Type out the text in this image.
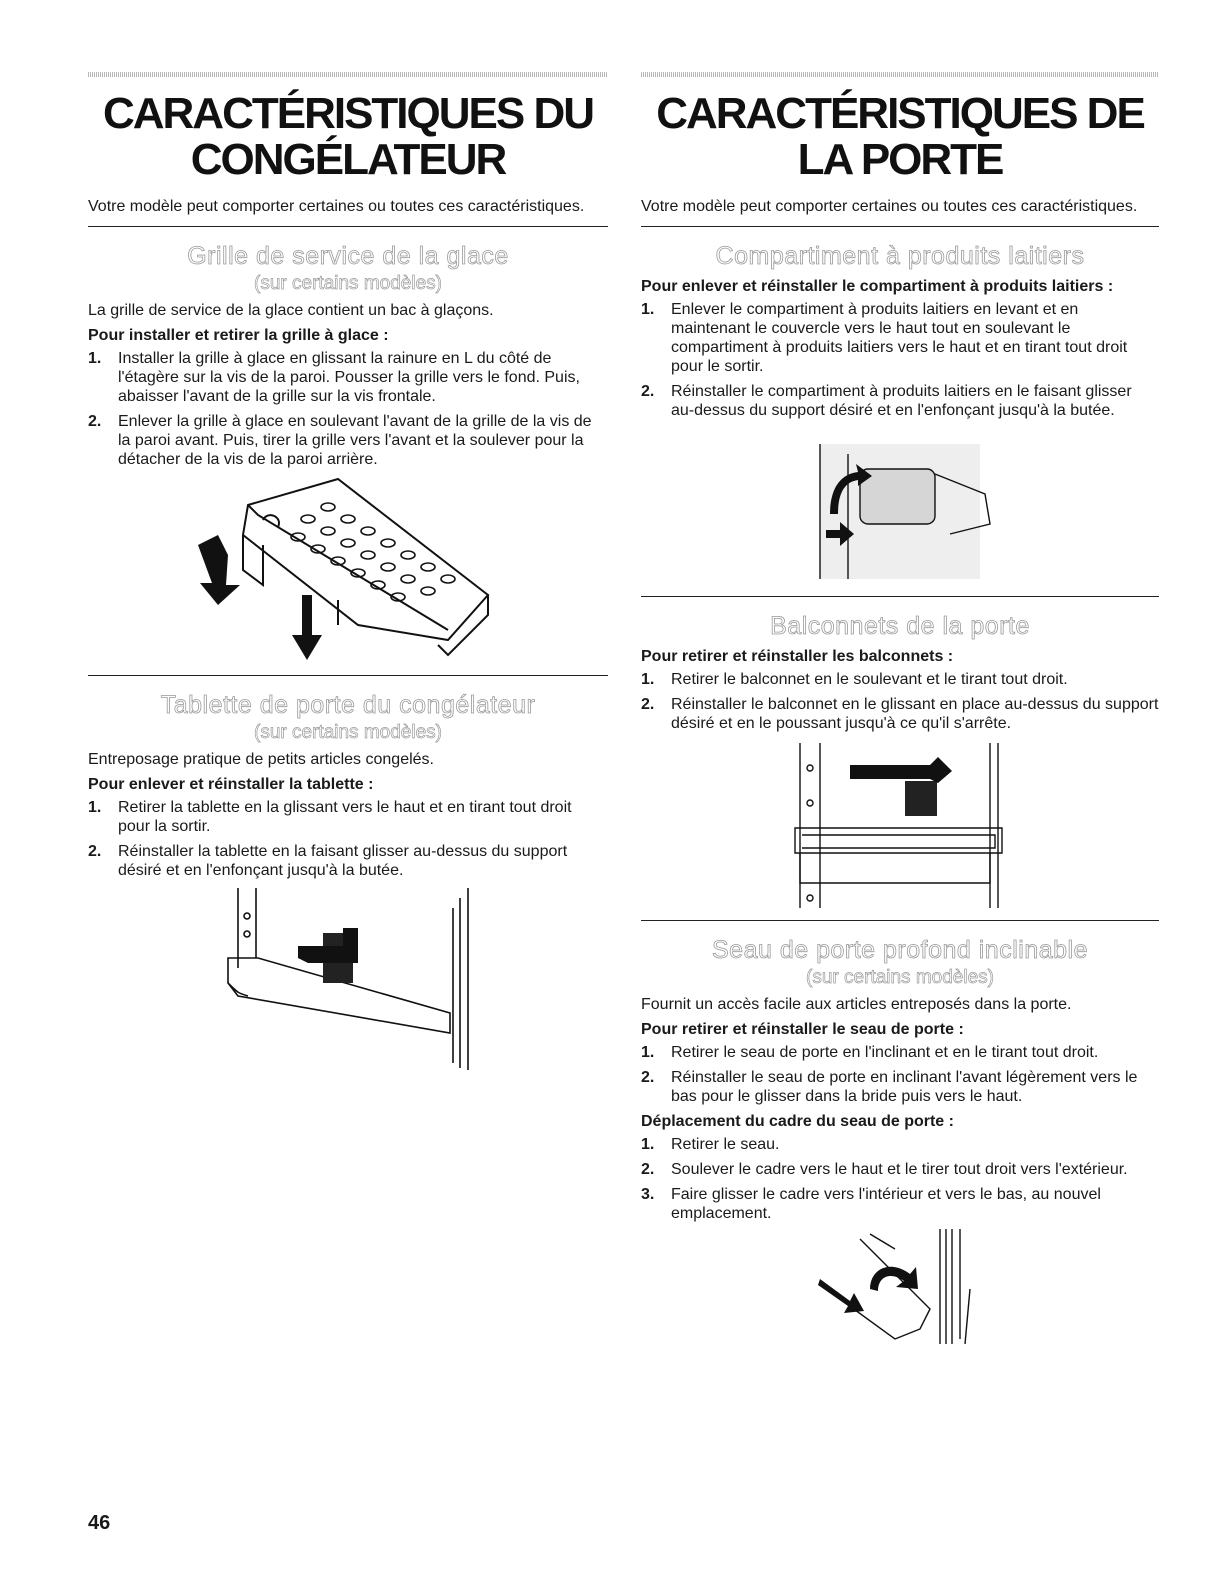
CARACTÉRISTIQUES DU
CONGÉLATEUR

Votre modèle peut comporter certaines ou toutes ces caractéristiques.

Grille de service de la glace
(sur certains modèles)

La grille de service de la glace contient un bac à glaçons.

Pour installer et retirer la grille à glace :

1. Installer la grille à glace en glissant la rainure en L du côté de l'étagère sur la vis de la paroi. Pousser la grille vers le fond. Puis, abaisser l'avant de la grille sur la vis frontale.
2. Enlever la grille à glace en soulevant l'avant de la grille de la vis de la paroi avant. Puis, tirer la grille vers l'avant et la soulever pour la détacher de la vis de la paroi arrière.
Tablette de porte du congélateur
(sur certains modèles)

Entreposage pratique de petits articles congelés.

Pour enlever et réinstaller la tablette :

1. Retirer la tablette en la glissant vers le haut et en tirant tout droit pour la sortir.
2. Réinstaller la tablette en la faisant glisser au-dessus du support désiré et en l'enfonçant jusqu'à la butée.
CARACTÉRISTIQUES DE
LA PORTE

Votre modèle peut comporter certaines ou toutes ces caractéristiques.

Compartiment à produits laitiers

Pour enlever et réinstaller le compartiment à produits laitiers :

1. Enlever le compartiment à produits laitiers en levant et en maintenant le couvercle vers le haut tout en soulevant le compartiment à produits laitiers vers le haut et en tirant tout droit pour le sortir.
2. Réinstaller le compartiment à produits laitiers en le faisant glisser au-dessus du support désiré et en l'enfonçant jusqu'à la butée.
Balconnets de la porte

Pour retirer et réinstaller les balconnets :

1. Retirer le balconnet en le soulevant et le tirant tout droit.
2. Réinstaller le balconnet en le glissant en place au-dessus du support désiré et en le poussant jusqu'à ce qu'il s'arrête.
Seau de porte profond inclinable
(sur certains modèles)

Fournit un accès facile aux articles entreposés dans la porte.

Pour retirer et réinstaller le seau de porte :

1. Retirer le seau de porte en l'inclinant et en le tirant tout droit.
2. Réinstaller le seau de porte en inclinant l'avant légèrement vers le bas pour le glisser dans la bride puis vers le haut.

Déplacement du cadre du seau de porte :

1. Retirer le seau.
2. Soulever le cadre vers le haut et le tirer tout droit vers l'extérieur.
3. Faire glisser le cadre vers l'intérieur et vers le bas, au nouvel emplacement.
46
